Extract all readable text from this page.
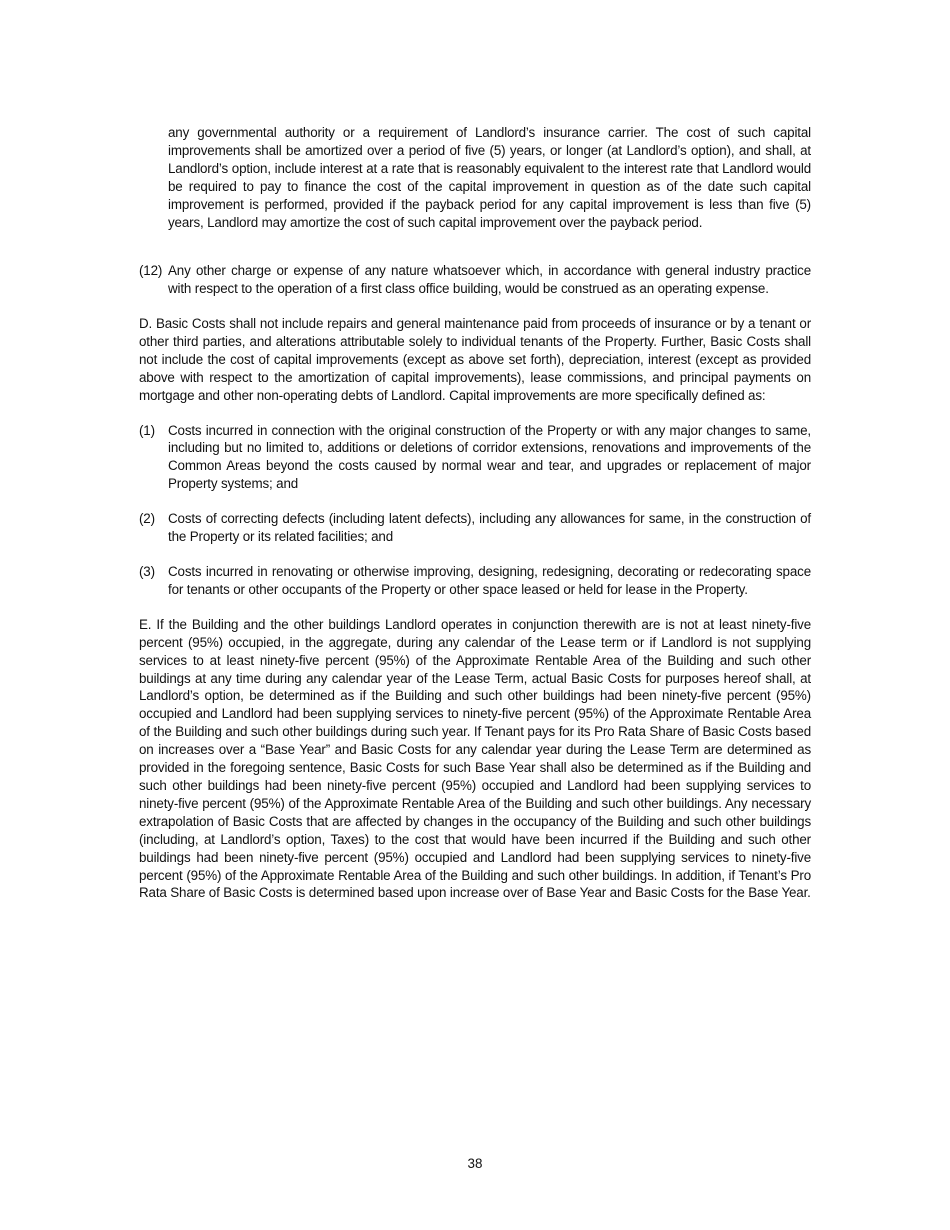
any governmental authority or a requirement of Landlord’s insurance carrier. The cost of such capital improvements shall be amortized over a period of five (5) years, or longer (at Landlord’s option), and shall, at Landlord’s option, include interest at a rate that is reasonably equivalent to the interest rate that Landlord would be required to pay to finance the cost of the capital improvement in question as of the date such capital improvement is performed, provided if the payback period for any capital improvement is less than five (5) years, Landlord may amortize the cost of such capital improvement over the payback period.

(12) Any other charge or expense of any nature whatsoever which, in accordance with general industry practice with respect to the operation of a first class office building, would be construed as an operating expense.

D. Basic Costs shall not include repairs and general maintenance paid from proceeds of insurance or by a tenant or other third parties, and alterations attributable solely to individual tenants of the Property. Further, Basic Costs shall not include the cost of capital improvements (except as above set forth), depreciation, interest (except as provided above with respect to the amortization of capital improvements), lease commissions, and principal payments on mortgage and other non-operating debts of Landlord. Capital improvements are more specifically defined as:

(1) Costs incurred in connection with the original construction of the Property or with any major changes to same, including but no limited to, additions or deletions of corridor extensions, renovations and improvements of the Common Areas beyond the costs caused by normal wear and tear, and upgrades or replacement of major Property systems; and
(2) Costs of correcting defects (including latent defects), including any allowances for same, in the construction of the Property or its related facilities; and
(3) Costs incurred in renovating or otherwise improving, designing, redesigning, decorating or redecorating space for tenants or other occupants of the Property or other space leased or held for lease in the Property.

E. If the Building and the other buildings Landlord operates in conjunction therewith are is not at least ninety-five percent (95%) occupied, in the aggregate, during any calendar of the Lease term or if Landlord is not supplying services to at least ninety-five percent (95%) of the Approximate Rentable Area of the Building and such other buildings at any time during any calendar year of the Lease Term, actual Basic Costs for purposes hereof shall, at Landlord’s option, be determined as if the Building and such other buildings had been ninety-five percent (95%) occupied and Landlord had been supplying services to ninety-five percent (95%) of the Approximate Rentable Area of the Building and such other buildings during such year. If Tenant pays for its Pro Rata Share of Basic Costs based on increases over a “Base Year” and Basic Costs for any calendar year during the Lease Term are determined as provided in the foregoing sentence, Basic Costs for such Base Year shall also be determined as if the Building and such other buildings had been ninety-five percent (95%) occupied and Landlord had been supplying services to ninety-five percent (95%) of the Approximate Rentable Area of the Building and such other buildings. Any necessary extrapolation of Basic Costs that are affected by changes in the occupancy of the Building and such other buildings (including, at Landlord’s option, Taxes) to the cost that would have been incurred if the Building and such other buildings had been ninety-five percent (95%) occupied and Landlord had been supplying services to ninety-five percent (95%) of the Approximate Rentable Area of the Building and such other buildings. In addition, if Tenant’s Pro Rata Share of Basic Costs is determined based upon increase over of Base Year and Basic Costs for the Base Year.

38
